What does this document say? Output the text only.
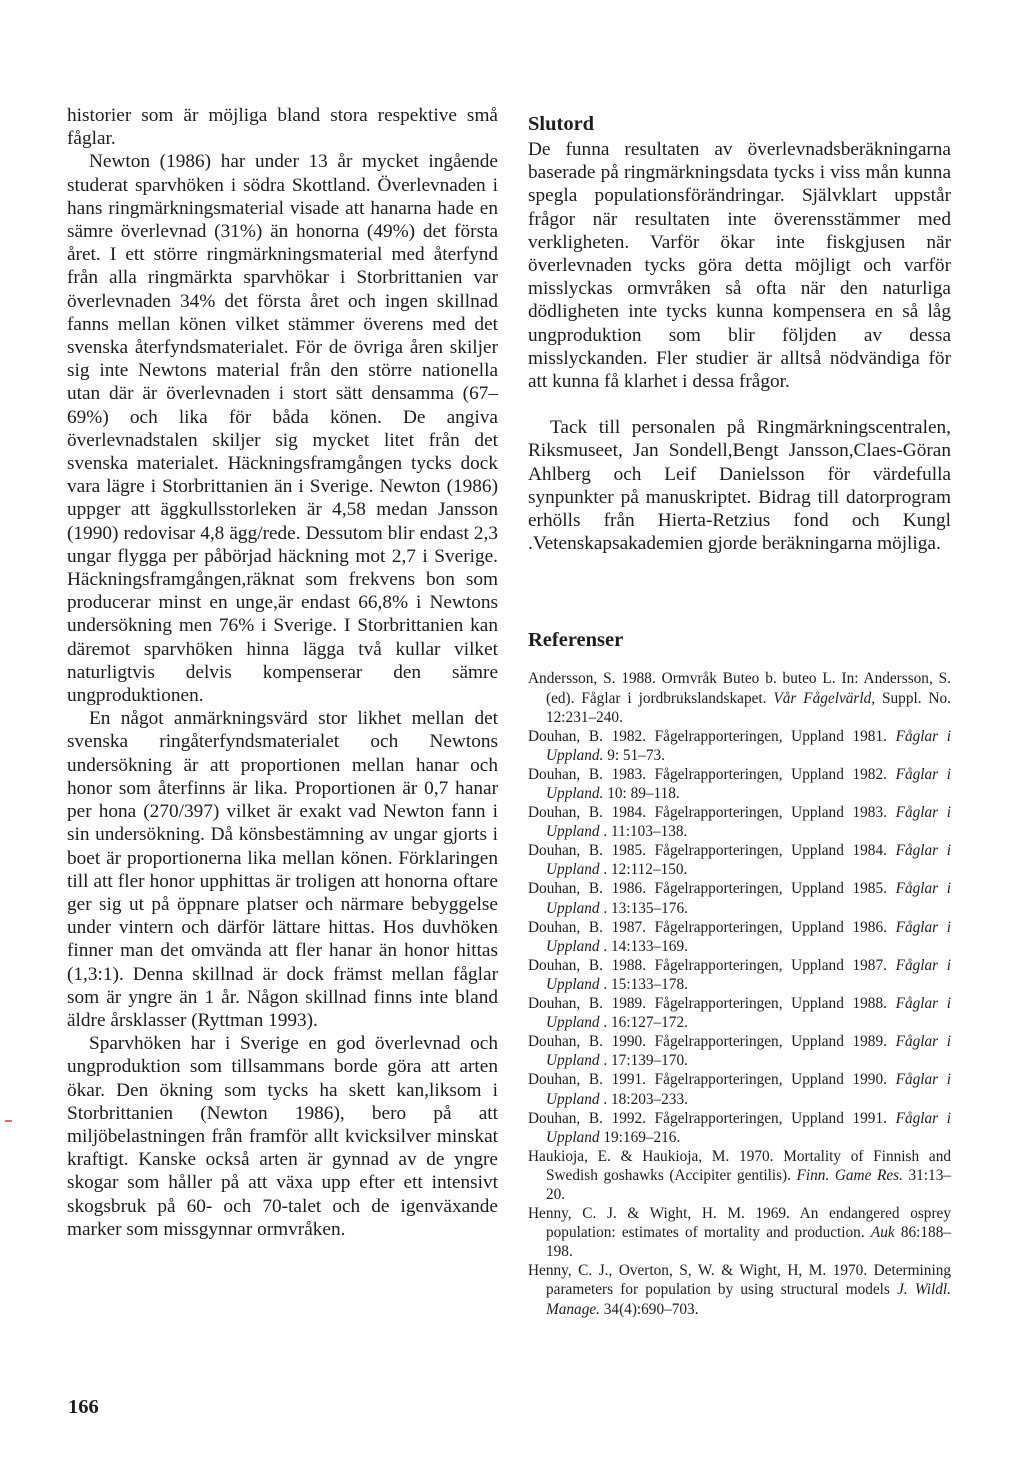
historier som är möjliga bland stora respektive små fåglar.

Newton (1986) har under 13 år mycket ingående studerat sparvhöken i södra Skottland. Överlevnaden i hans ringmärkningsmaterial visade att hanarna hade en sämre överlevnad (31%) än honorna (49%) det första året. I ett större ringmärkningsmaterial med återfynd från alla ringmärkta sparvhökar i Storbrittanien var överlevnaden 34% det första året och ingen skillnad fanns mellan könen vilket stämmer överens med det svenska återfyndsmaterialet. För de övriga åren skiljer sig inte Newtons material från den större nationella utan där är överlevnaden i stort sätt densamma (67–69%) och lika för båda könen. De angiva överlevnadstalen skiljer sig mycket litet från det svenska materialet. Häckningsframgången tycks dock vara lägre i Storbrittanien än i Sverige. Newton (1986) uppger att äggkullsstorleken är 4,58 medan Jansson (1990) redovisar 4,8 ägg/rede. Dessutom blir endast 2,3 ungar flygga per påbörjad häckning mot 2,7 i Sverige. Häckningsframgången,räknat som frekvens bon som producerar minst en unge,är endast 66,8% i Newtons undersökning men 76% i Sverige. I Storbrittanien kan däremot sparvhöken hinna lägga två kullar vilket naturligtvis delvis kompenserar den sämre ungproduktionen.

En något anmärkningsvärd stor likhet mellan det svenska ringåterfyndsmaterialet och Newtons undersökning är att proportionen mellan hanar och honor som återfinns är lika. Proportionen är 0,7 hanar per hona (270/397) vilket är exakt vad Newton fann i sin undersökning. Då könsbestämning av ungar gjorts i boet är proportionerna lika mellan könen. Förklaringen till att fler honor upphittas är troligen att honorna oftare ger sig ut på öppnare platser och närmare bebyggelse under vintern och därför lättare hittas. Hos duvhöken finner man det omvända att fler hanar än honor hittas (1,3:1). Denna skillnad är dock främst mellan fåglar som är yngre än 1 år. Någon skillnad finns inte bland äldre årsklasser (Ryttman 1993).

Sparvhöken har i Sverige en god överlevnad och ungproduktion som tillsammans borde göra att arten ökar. Den ökning som tycks ha skett kan,liksom i Storbrittanien (Newton 1986), bero på att miljöbelastningen från framför allt kvicksilver minskat kraftigt. Kanske också arten är gynnad av de yngre skogar som håller på att växa upp efter ett intensivt skogsbruk på 60- och 70-talet och de igenväxande marker som missgynnar ormvråken.

Slutord

De funna resultaten av överlevnadsberäkningarna baserade på ringmärkningsdata tycks i viss mån kunna spegla populationsförändringar. Självklart uppstår frågor när resultaten inte överensstämmer med verkligheten. Varför ökar inte fiskgjusen när överlevnaden tycks göra detta möjligt och varför misslyckas ormvråken så ofta när den naturliga dödligheten inte tycks kunna kompensera en så låg ungproduktion som blir följden av dessa misslyckanden. Fler studier är alltså nödvändiga för att kunna få klarhet i dessa frågor.

Tack till personalen på Ringmärkningscentralen, Riksmuseet, Jan Sondell,Bengt Jansson,Claes-Göran Ahlberg och Leif Danielsson för värdefulla synpunkter på manuskriptet. Bidrag till datorprogram erhölls från Hierta-Retzius fond och Kungl .Vetenskapsakademien gjorde beräkningarna möjliga.

Referenser

Andersson, S. 1988. Ormvråk Buteo b. buteo L. In: Andersson, S. (ed). Fåglar i jordbrukslandskapet. Vår Fågelvärld, Suppl. No. 12:231–240.

Douhan, B. 1982. Fågelrapporteringen, Uppland 1981. Fåglar i Uppland. 9: 51–73.

Douhan, B. 1983. Fågelrapporteringen, Uppland 1982. Fåglar i Uppland. 10: 89–118.

Douhan, B. 1984. Fågelrapporteringen, Uppland 1983. Fåglar i Uppland . 11:103–138.

Douhan, B. 1985. Fågelrapporteringen, Uppland 1984. Fåglar i Uppland . 12:112–150.

Douhan, B. 1986. Fågelrapporteringen, Uppland 1985. Fåglar i Uppland . 13:135–176.

Douhan, B. 1987. Fågelrapporteringen, Uppland 1986. Fåglar i Uppland . 14:133–169.

Douhan, B. 1988. Fågelrapporteringen, Uppland 1987. Fåglar i Uppland . 15:133–178.

Douhan, B. 1989. Fågelrapporteringen, Uppland 1988. Fåglar i Uppland . 16:127–172.

Douhan, B. 1990. Fågelrapporteringen, Uppland 1989. Fåglar i Uppland . 17:139–170.

Douhan, B. 1991. Fågelrapporteringen, Uppland 1990. Fåglar i Uppland . 18:203–233.

Douhan, B. 1992. Fågelrapporteringen, Uppland 1991. Fåglar i Uppland 19:169–216.

Haukioja, E. & Haukioja, M. 1970. Mortality of Finnish and Swedish goshawks (Accipiter gentilis). Finn. Game Res. 31:13–20.

Henny, C. J. & Wight, H. M. 1969. An endangered osprey population: estimates of mortality and production. Auk 86:188–198.

Henny, C. J., Overton, S, W. & Wight, H, M. 1970. Determining parameters for population by using structural models J. Wildl. Manage. 34(4):690–703.

166
